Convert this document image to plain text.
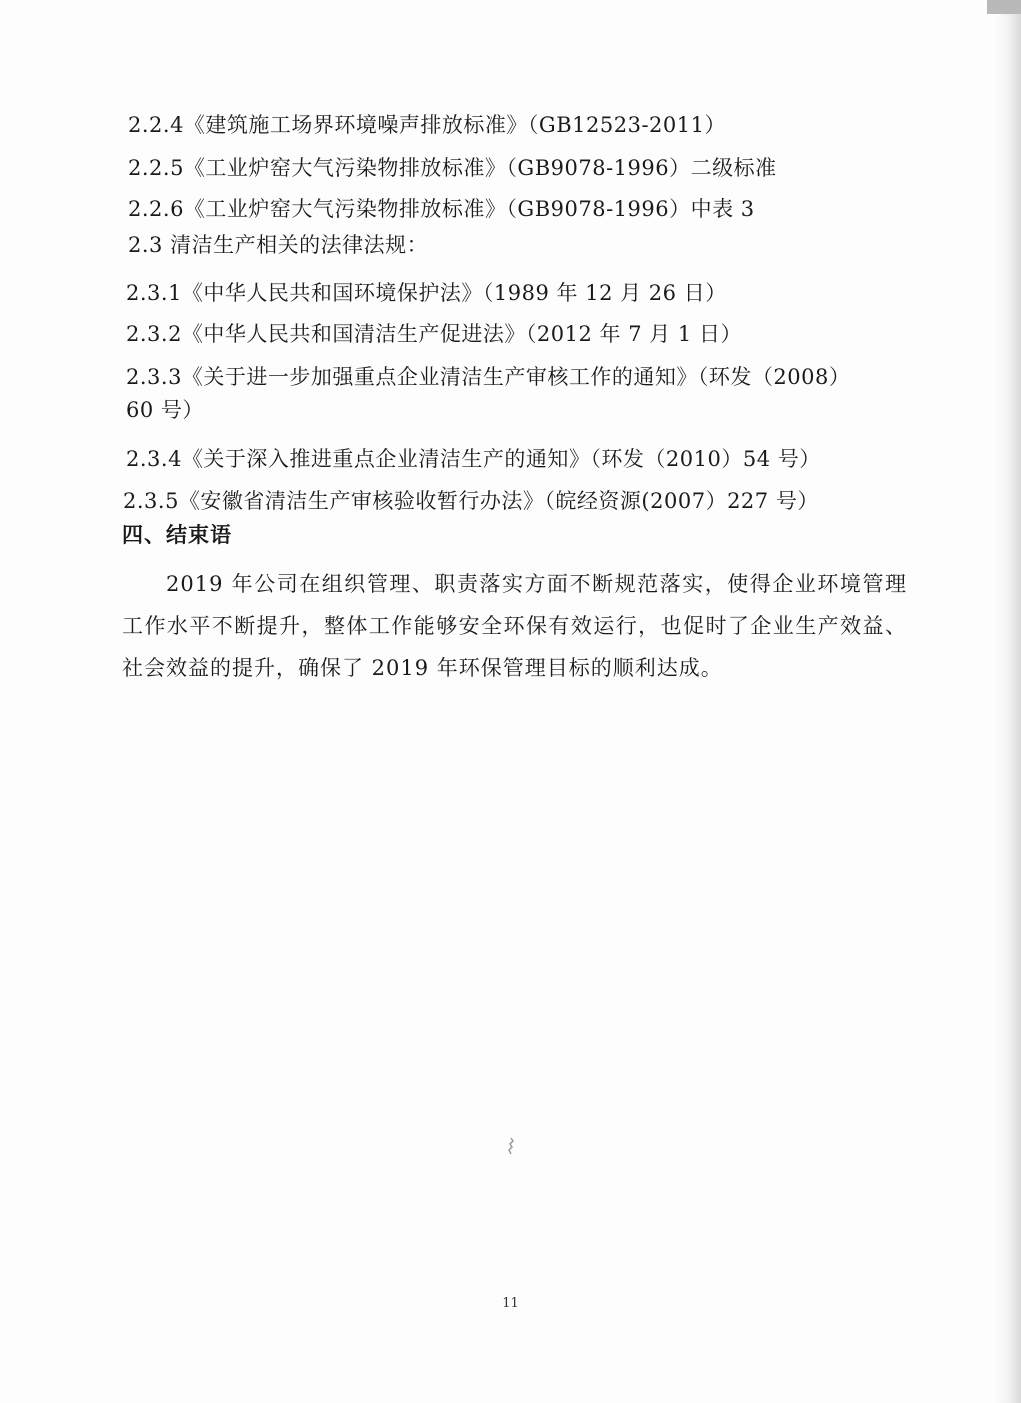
2.2.4《建筑施工场界环境噪声排放标准》（GB12523-2011）
2.2.5《工业炉窑大气污染物排放标准》（GB9078-1996）二级标准
2.2.6《工业炉窑大气污染物排放标准》（GB9078-1996）中表 3
2.3 清洁生产相关的法律法规：
2.3.1《中华人民共和国环境保护法》（1989 年 12 月 26 日）
2.3.2《中华人民共和国清洁生产促进法》（2012 年 7 月 1 日）
2.3.3《关于进一步加强重点企业清洁生产审核工作的通知》（环发（2008）
60 号）
2.3.4《关于深入推进重点企业清洁生产的通知》（环发（2010）54 号）
2.3.5《安徽省清洁生产审核验收暂行办法》（皖经资源(2007）227 号）
四、结束语
2019 年公司在组织管理、职责落实方面不断规范落实，使得企业环境管理工作水平不断提升，整体工作能够安全环保有效运行，也促时了企业生产效益、社会效益的提升，确保了 2019 年环保管理目标的顺利达成。
11
